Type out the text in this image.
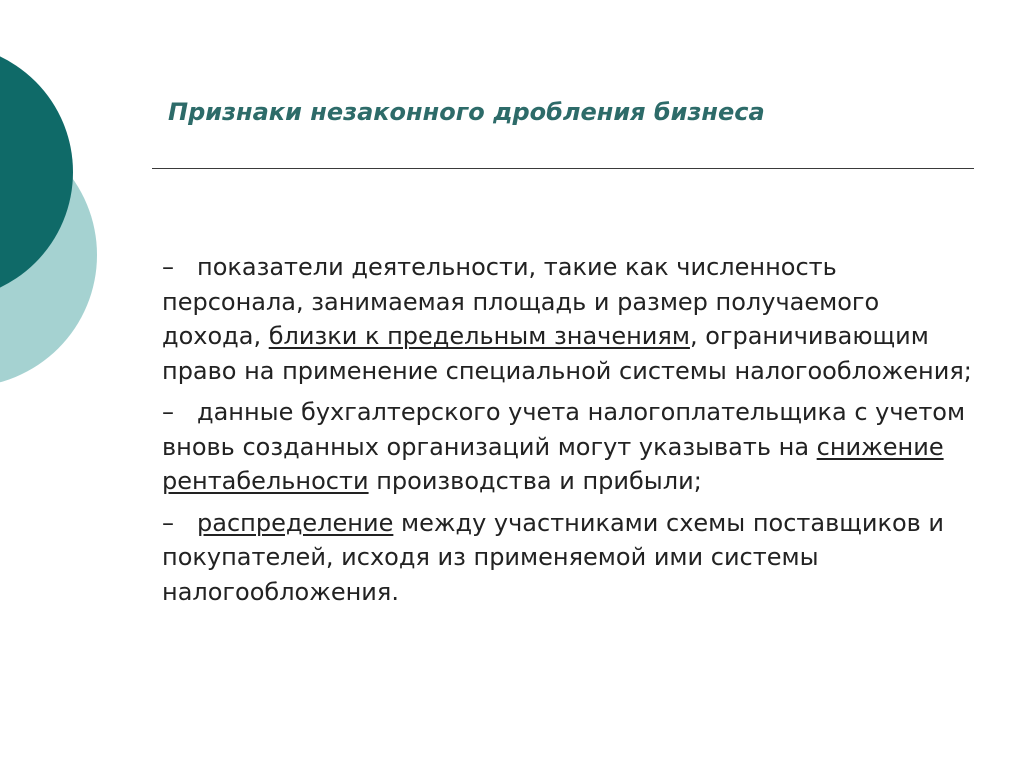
Признаки незаконного дробления бизнеса
– показатели деятельности, такие как численность персонала, занимаемая площадь и размер получаемого дохода, близки к предельным значениям, ограничивающим право на применение специальной системы налогообложения;
– данные бухгалтерского учета налогоплательщика с учетом вновь созданных организаций могут указывать на снижение рентабельности производства и прибыли;
– распределение между участниками схемы поставщиков и покупателей, исходя из применяемой ими системы налогообложения.
